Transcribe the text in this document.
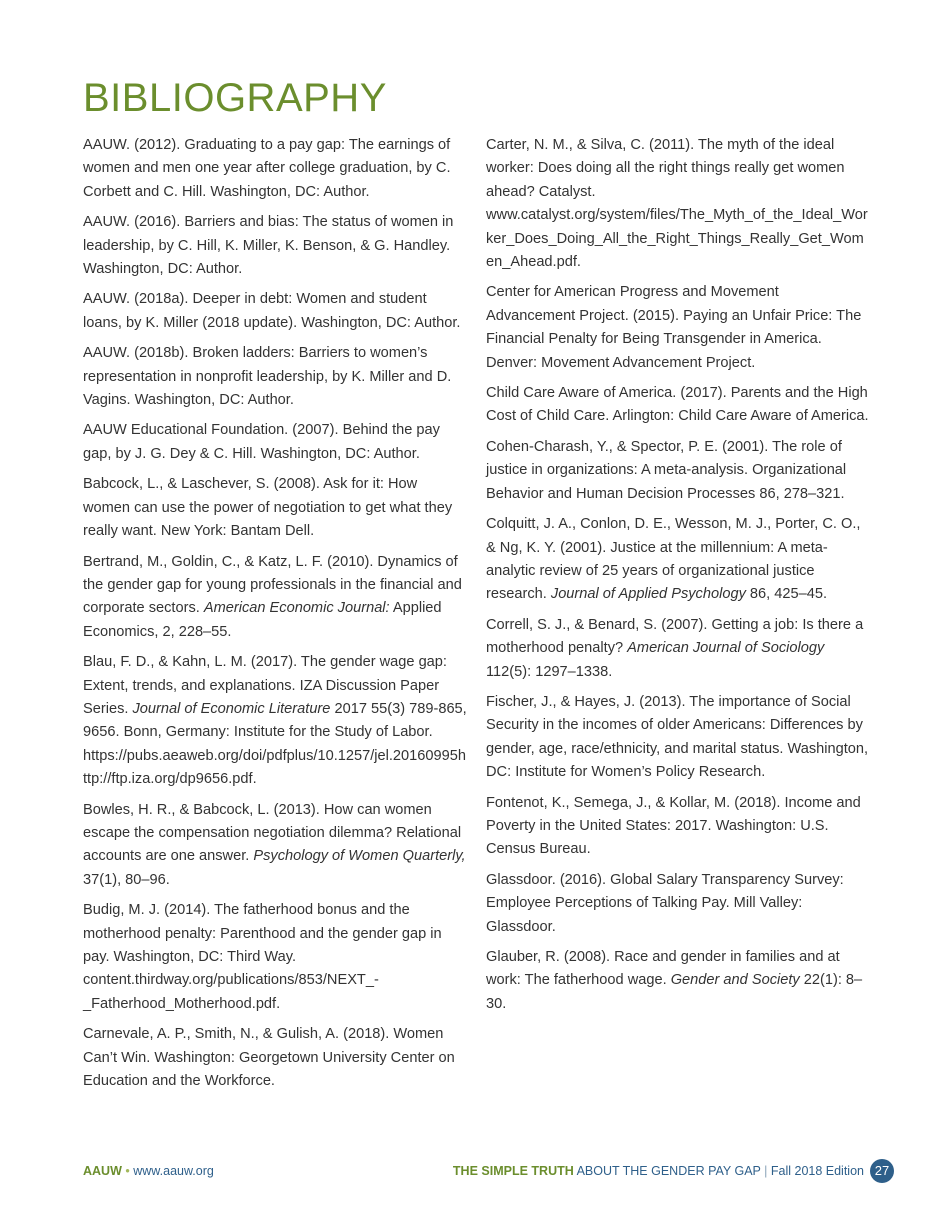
BIBLIOGRAPHY

AAUW. (2012). Graduating to a pay gap: The earnings of women and men one year after college graduation, by C. Corbett and C. Hill. Washington, DC: Author.

AAUW. (2016). Barriers and bias: The status of women in leadership, by C. Hill, K. Miller, K. Benson, & G. Handley. Washington, DC: Author.

AAUW. (2018a). Deeper in debt: Women and student loans, by K. Miller (2018 update). Washington, DC: Author.

AAUW. (2018b). Broken ladders: Barriers to women’s representation in nonprofit leadership, by K. Miller and D. Vagins. Washington, DC: Author.

AAUW Educational Foundation. (2007). Behind the pay gap, by J. G. Dey & C. Hill. Washington, DC: Author.

Babcock, L., & Laschever, S. (2008). Ask for it: How women can use the power of negotiation to get what they really want. New York: Bantam Dell.

Bertrand, M., Goldin, C., & Katz, L. F. (2010). Dynamics of the gender gap for young professionals in the financial and corporate sectors. American Economic Journal: Applied Economics, 2, 228–55.

Blau, F. D., & Kahn, L. M. (2017). The gender wage gap: Extent, trends, and explanations. IZA Discussion Paper Series. Journal of Economic Literature 2017 55(3) 789-865, 9656. Bonn, Germany: Institute for the Study of Labor. https://pubs.aeaweb.org/doi/pdfplus/10.1257/jel.20160995http://ftp.iza.org/dp9656.pdf.

Bowles, H. R., & Babcock, L. (2013). How can women escape the compensation negotiation dilemma? Relational accounts are one answer. Psychology of Women Quarterly, 37(1), 80–96.

Budig, M. J. (2014). The fatherhood bonus and the motherhood penalty: Parenthood and the gender gap in pay. Washington, DC: Third Way. content.thirdway.org/publications/853/NEXT_-_Fatherhood_Motherhood.pdf.

Carnevale, A. P., Smith, N., & Gulish, A. (2018). Women Can’t Win. Washington: Georgetown University Center on Education and the Workforce.

Carter, N. M., & Silva, C. (2011). The myth of the ideal worker: Does doing all the right things really get women ahead? Catalyst. www.catalyst.org/system/files/The_Myth_of_the_Ideal_Worker_Does_Doing_All_the_Right_Things_Really_Get_Women_Ahead.pdf.

Center for American Progress and Movement Advancement Project. (2015). Paying an Unfair Price: The Financial Penalty for Being Transgender in America. Denver: Movement Advancement Project.

Child Care Aware of America. (2017). Parents and the High Cost of Child Care. Arlington: Child Care Aware of America.

Cohen-Charash, Y., & Spector, P. E. (2001). The role of justice in organizations: A meta-analysis. Organizational Behavior and Human Decision Processes 86, 278–321.

Colquitt, J. A., Conlon, D. E., Wesson, M. J., Porter, C. O., & Ng, K. Y. (2001). Justice at the millennium: A meta-analytic review of 25 years of organizational justice research. Journal of Applied Psychology 86, 425–45.

Correll, S. J., & Benard, S. (2007). Getting a job: Is there a motherhood penalty? American Journal of Sociology 112(5): 1297–1338.

Fischer, J., & Hayes, J. (2013). The importance of Social Security in the incomes of older Americans: Differences by gender, age, race/ethnicity, and marital status. Washington, DC: Institute for Women’s Policy Research.

Fontenot, K., Semega, J., & Kollar, M. (2018). Income and Poverty in the United States: 2017. Washington: U.S. Census Bureau.

Glassdoor. (2016). Global Salary Transparency Survey: Employee Perceptions of Talking Pay. Mill Valley: Glassdoor.

Glauber, R. (2008). Race and gender in families and at work: The fatherhood wage. Gender and Society 22(1): 8–30.

AAUW • www.aauw.org	THE SIMPLE TRUTH ABOUT THE GENDER PAY GAP | Fall 2018 Edition 27
